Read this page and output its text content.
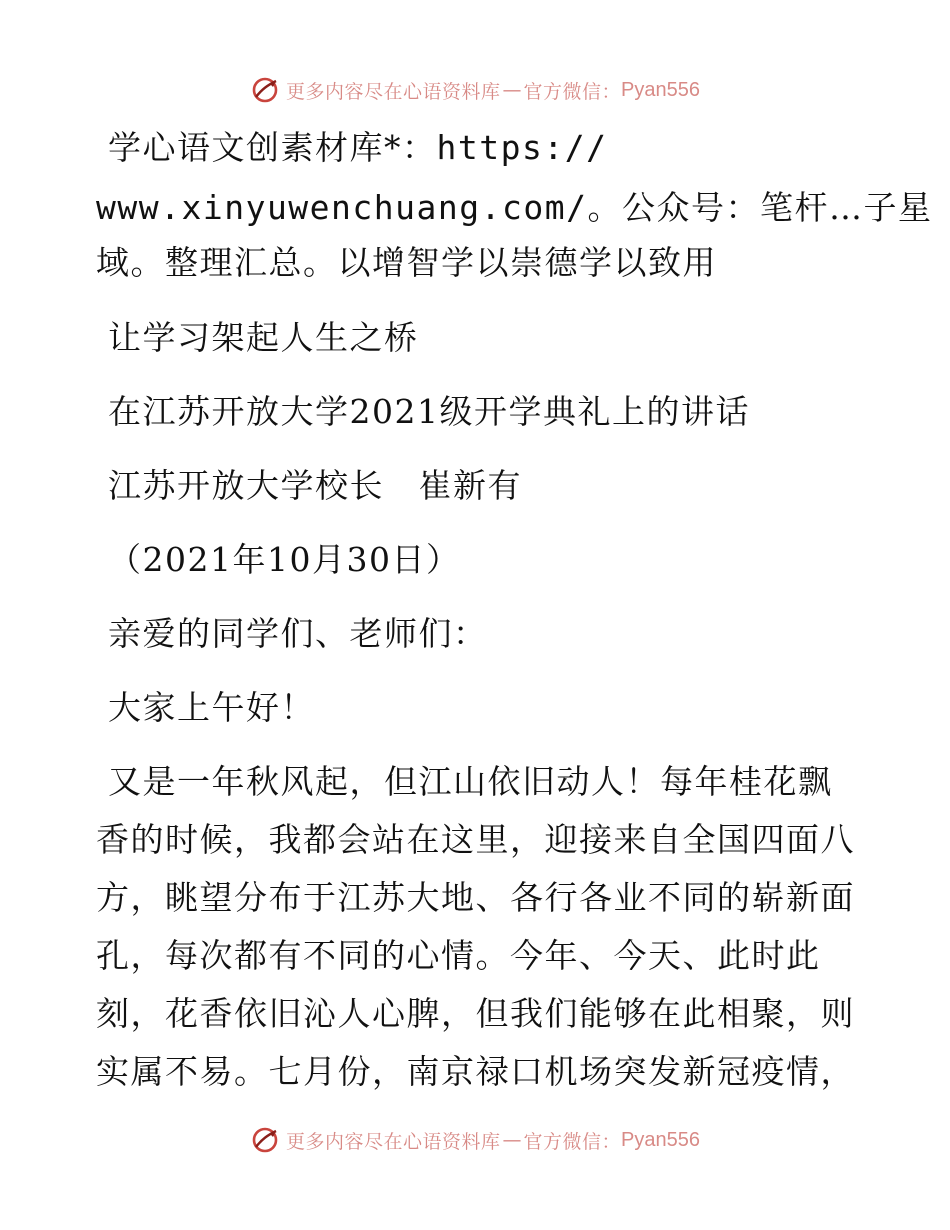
更多内容尽在心语资料库 — 官方微信： Pyan556
学心语文创素材库*：https://
www.xinyuwenchuang.com/。公众号：笔杆…子星
域。整理汇总。以增智学以崇德学以致用
让学习架起人生之桥
在江苏开放大学2021级开学典礼上的讲话
江苏开放大学校长　崔新有
（2021年10月30日）
亲爱的同学们、老师们：
大家上午好！
又是一年秋风起，但江山依旧动人！每年桂花飘
香的时候，我都会站在这里，迎接来自全国四面八
方，眺望分布于江苏大地、各行各业不同的崭新面
孔，每次都有不同的心情。今年、今天、此时此
刻，花香依旧沁人心脾，但我们能够在此相聚，则
实属不易。七月份，南京禄口机场突发新冠疫情，
更多内容尽在心语资料库 — 官方微信： Pyan556
